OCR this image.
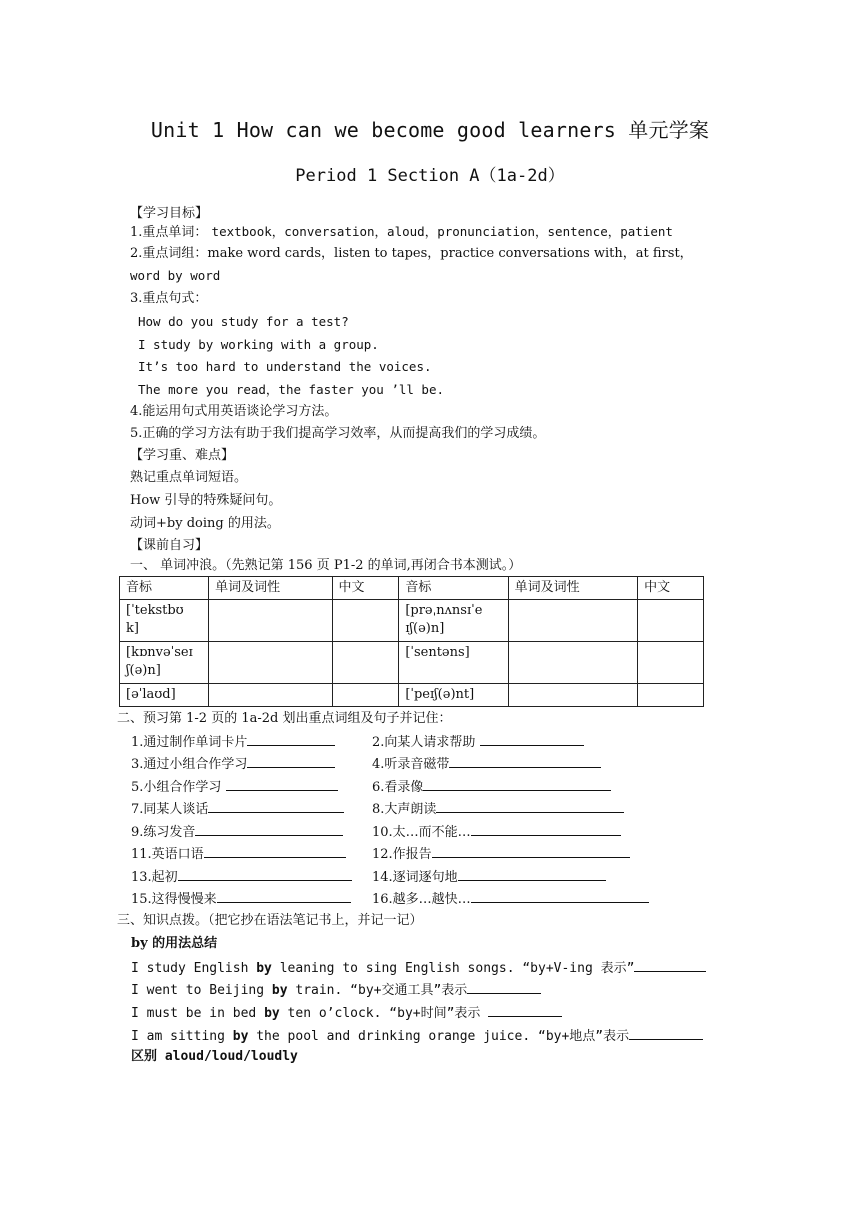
Unit 1 How can we become good learners 单元学案
Period 1 Section A（1a-2d）
【学习目标】
1.重点单词： textbook，conversation，aloud，pronunciation，sentence，patient
2.重点词组：make word cards，listen to tapes，practice conversations with，at first，
word by word
3.重点句式：
How do you study for a test?
I study by working with a group.
It’s too hard to understand the voices.
The more you read，the faster you ’ll be.
4.能运用句式用英语谈论学习方法。
5.正确的学习方法有助于我们提高学习效率，从而提高我们的学习成绩。
【学习重、难点】
熟记重点单词短语。
How 引导的特殊疑问句。
动词+by doing 的用法。
【课前自习】
一、 单词冲浪。（先熟记第 156 页 P1-2 的单词,再闭合书本测试。）
音标	单词及词性	中文	音标	单词及词性	中文
[ˈtekstbʊ
k]			[prəˌnʌnsɪˈe
ɪʃ(ə)n]		
[kɒnvəˈseɪ
ʃ(ə)n]			[ˈsentəns]		
[əˈlaʊd]			[ˈpeɪʃ(ə)nt]		
二、预习第 1-2 页的 1a-2d 划出重点词组及句子并记住：
1.通过制作单词卡片	2.向某人请求帮助
3.通过小组合作学习	4.听录音磁带
5.小组合作学习	6.看录像
7.同某人谈话	8.大声朗读
9.练习发音	10.太…而不能…
11.英语口语	12.作报告
13.起初	14.逐词逐句地
15.这得慢慢来	16.越多…越快…
三、知识点拨。（把它抄在语法笔记书上，并记一记）
by 的用法总结
I study English by leaning to sing English songs. “by+V-ing 表示”
I went to Beijing by train. “by+交通工具”表示
I must be in bed by ten o’clock. “by+时间”表示
I am sitting by the pool and drinking orange juice. “by+地点”表示
区别 aloud/loud/loudly
